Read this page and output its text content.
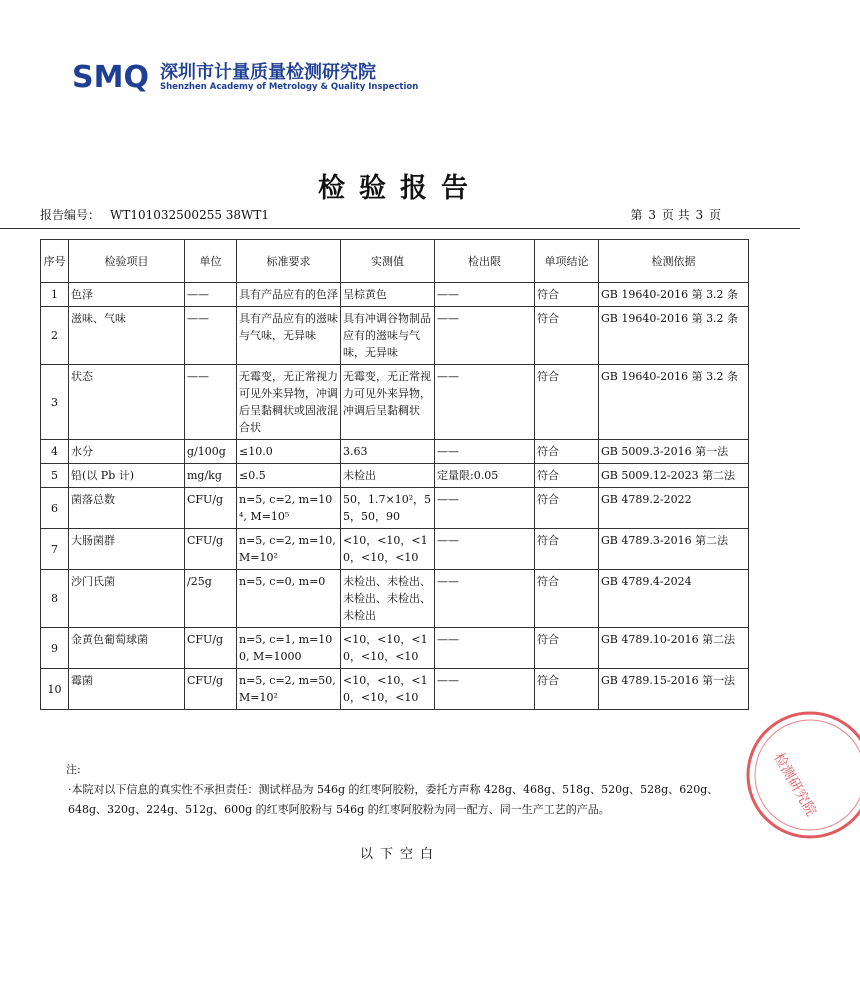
SMQ 深圳市计量质量检测研究院
Shenzhen Academy of Metrology & Quality Inspection
检验报告
报告编号： WT101032500255 38WT1	第 3 页 共 3 页
序号	检验项目	单位	标准要求	实测值	检出限	单项结论	检测依据
1	色泽	——	具有产品应有的色泽	呈棕黄色	——	符合	GB 19640-2016 第 3.2 条
2	滋味、气味	——	具有产品应有的滋味与气味，无异味	具有冲调谷物制品应有的滋味与气味，无异味	——	符合	GB 19640-2016 第 3.2 条
3	状态	——	无霉变，无正常视力可见外来异物，冲调后呈黏稠状或固液混合状	无霉变，无正常视力可见外来异物，冲调后呈黏稠状	——	符合	GB 19640-2016 第 3.2 条
4	水分	g/100g	≤10.0	3.63	——	符合	GB 5009.3-2016 第一法
5	铅(以 Pb 计)	mg/kg	≤0.5	未检出	定量限:0.05	符合	GB 5009.12-2023 第二法
6	菌落总数	CFU/g	n=5, c=2, m=10⁴, M=10⁵	50，1.7×10²，55，50，90	——	符合	GB 4789.2-2022
7	大肠菌群	CFU/g	n=5, c=2, m=10, M=10²	<10，<10，<10，<10，<10	——	符合	GB 4789.3-2016 第二法
8	沙门氏菌	/25g	n=5, c=0, m=0	未检出、未检出、未检出、未检出、未检出	——	符合	GB 4789.4-2024
9	金黄色葡萄球菌	CFU/g	n=5, c=1, m=100, M=1000	<10，<10，<10，<10，<10	——	符合	GB 4789.10-2016 第二法
10	霉菌	CFU/g	n=5, c=2, m=50, M=10²	<10，<10，<10，<10，<10	——	符合	GB 4789.15-2016 第一法
注:
·本院对以下信息的真实性不承担责任：测试样品为 546g 的红枣阿胶粉，委托方声称 428g、468g、518g、520g、528g、620g、648g、320g、224g、512g、600g 的红枣阿胶粉与 546g 的红枣阿胶粉为同一配方、同一生产工艺的产品。
以下空白
检测研究院
